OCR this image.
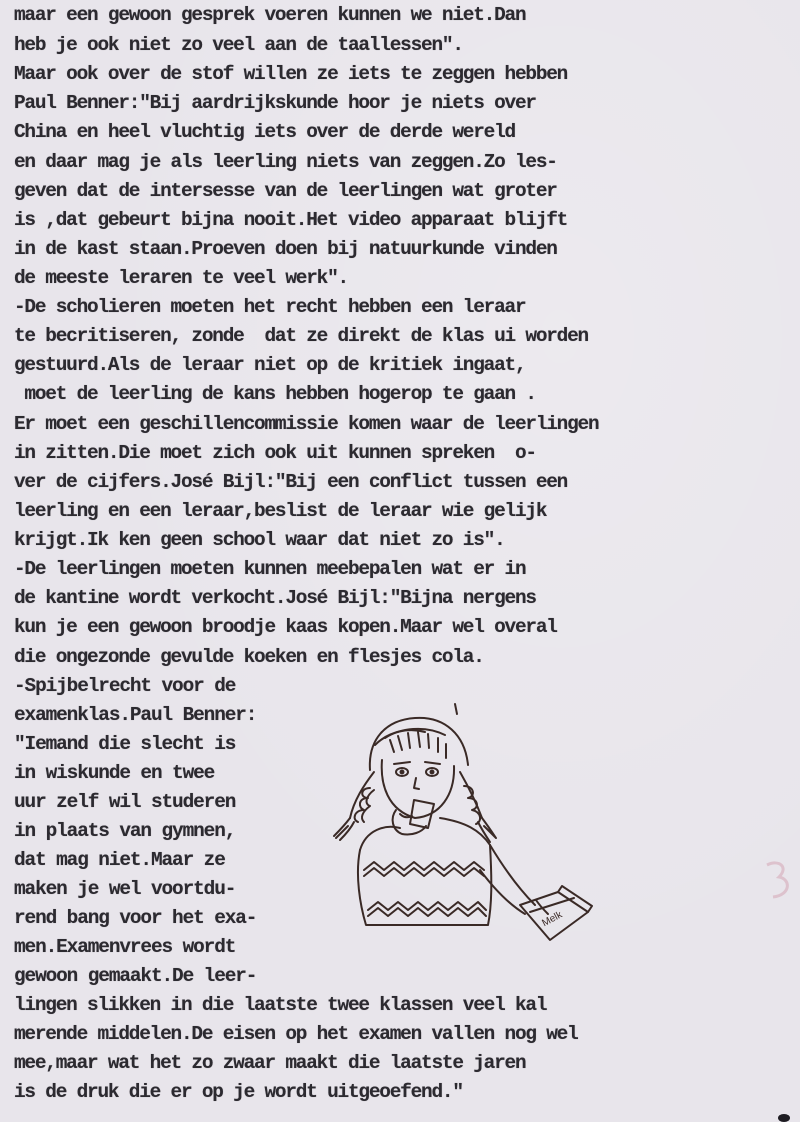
maar een gewoon gesprek voeren kunnen we niet.Dan
heb je ook niet zo veel aan de taallessen".
Maar ook over de stof willen ze iets te zeggen hebben
Paul Benner:"Bij aardrijkskunde hoor je niets over
China en heel vluchtig iets over de derde wereld
en daar mag je als leerling niets van zeggen.Zo les-
geven dat de intersesse van de leerlingen wat groter
is ,dat gebeurt bijna nooit.Het video apparaat blijft
in de kast staan.Proeven doen bij natuurkunde vinden
de meeste leraren te veel werk".
-De scholieren moeten het recht hebben een leraar
te becritiseren, zonde  dat ze direkt de klas ui worden
gestuurd.Als de leraar niet op de kritiek ingaat,
moet de leerling de kans hebben hogerop te gaan .
Er moet een geschillencommissie komen waar de leerlingen
in zitten.Die moet zich ook uit kunnen spreken  o-
ver de cijfers.José Bijl:"Bij een conflict tussen een
leerling en een leraar,beslist de leraar wie gelijk
krijgt.Ik ken geen school waar dat niet zo is".
-De leerlingen moeten kunnen meebepalen wat er in
de kantine wordt verkocht.José Bijl:"Bijna nergens
kun je een gewoon broodje kaas kopen.Maar wel overal
die ongezonde gevulde koeken en flesjes cola.
-Spijbelrecht voor de
examenklas.Paul Benner:
"Iemand die slecht is
in wiskunde en twee
uur zelf wil studeren
in plaats van gymnen,
dat mag niet.Maar ze
maken je wel voortdu-
rend bang voor het exa-
men.Examenvrees wordt
gewoon gemaakt.De leer-
lingen slikken in die laatste twee klassen veel kal
merende middelen.De eisen op het examen vallen nog wel
mee,maar wat het zo zwaar maakt die laatste jaren
is de druk die er op je wordt uitgeoefend."
Melk
